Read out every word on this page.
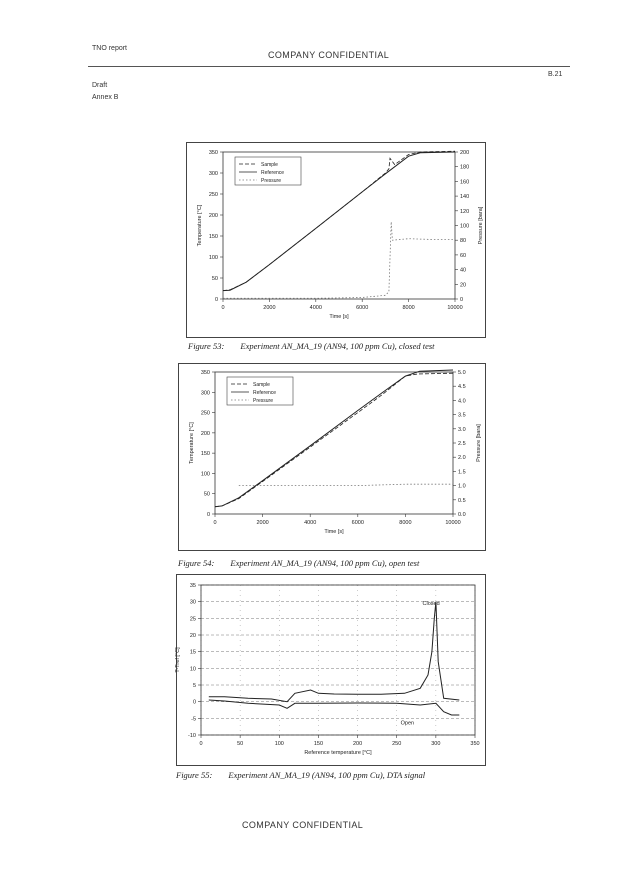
TNO report
COMPANY CONFIDENTIAL
B.21
Draft
Annex B
0	2000	4000	6000	8000	10000
0
50
100
150
200
250
300
350
0
20
40
60
80
100
120
140
160
180
200
Time [s]
Temperature [°C]	Pressure [bara]
Sample
Reference
Pressure
Figure 53: Experiment AN_MA_19 (AN94, 100 ppm Cu), closed test
0	2000	4000	6000	8000	10000
0
50
100
150
200
250
300
350
0.0
0.5
1.0
1.5
2.0
2.5
3.0
3.5
4.0
4.5
5.0
Time [s]
Temperature [°C]	Pressure [bara]
Sample
Reference
Pressure
Figure 54: Experiment AN_MA_19 (AN94, 100 ppm Cu), open test
0	50	100	150	200	250	300	350
-10
-5
0
5
10
15
20
25
30
35
Reference temperature [°C]
T-Tref [°C]
Closed
Open
Figure 55: Experiment AN_MA_19 (AN94, 100 ppm Cu), DTA signal
COMPANY CONFIDENTIAL
